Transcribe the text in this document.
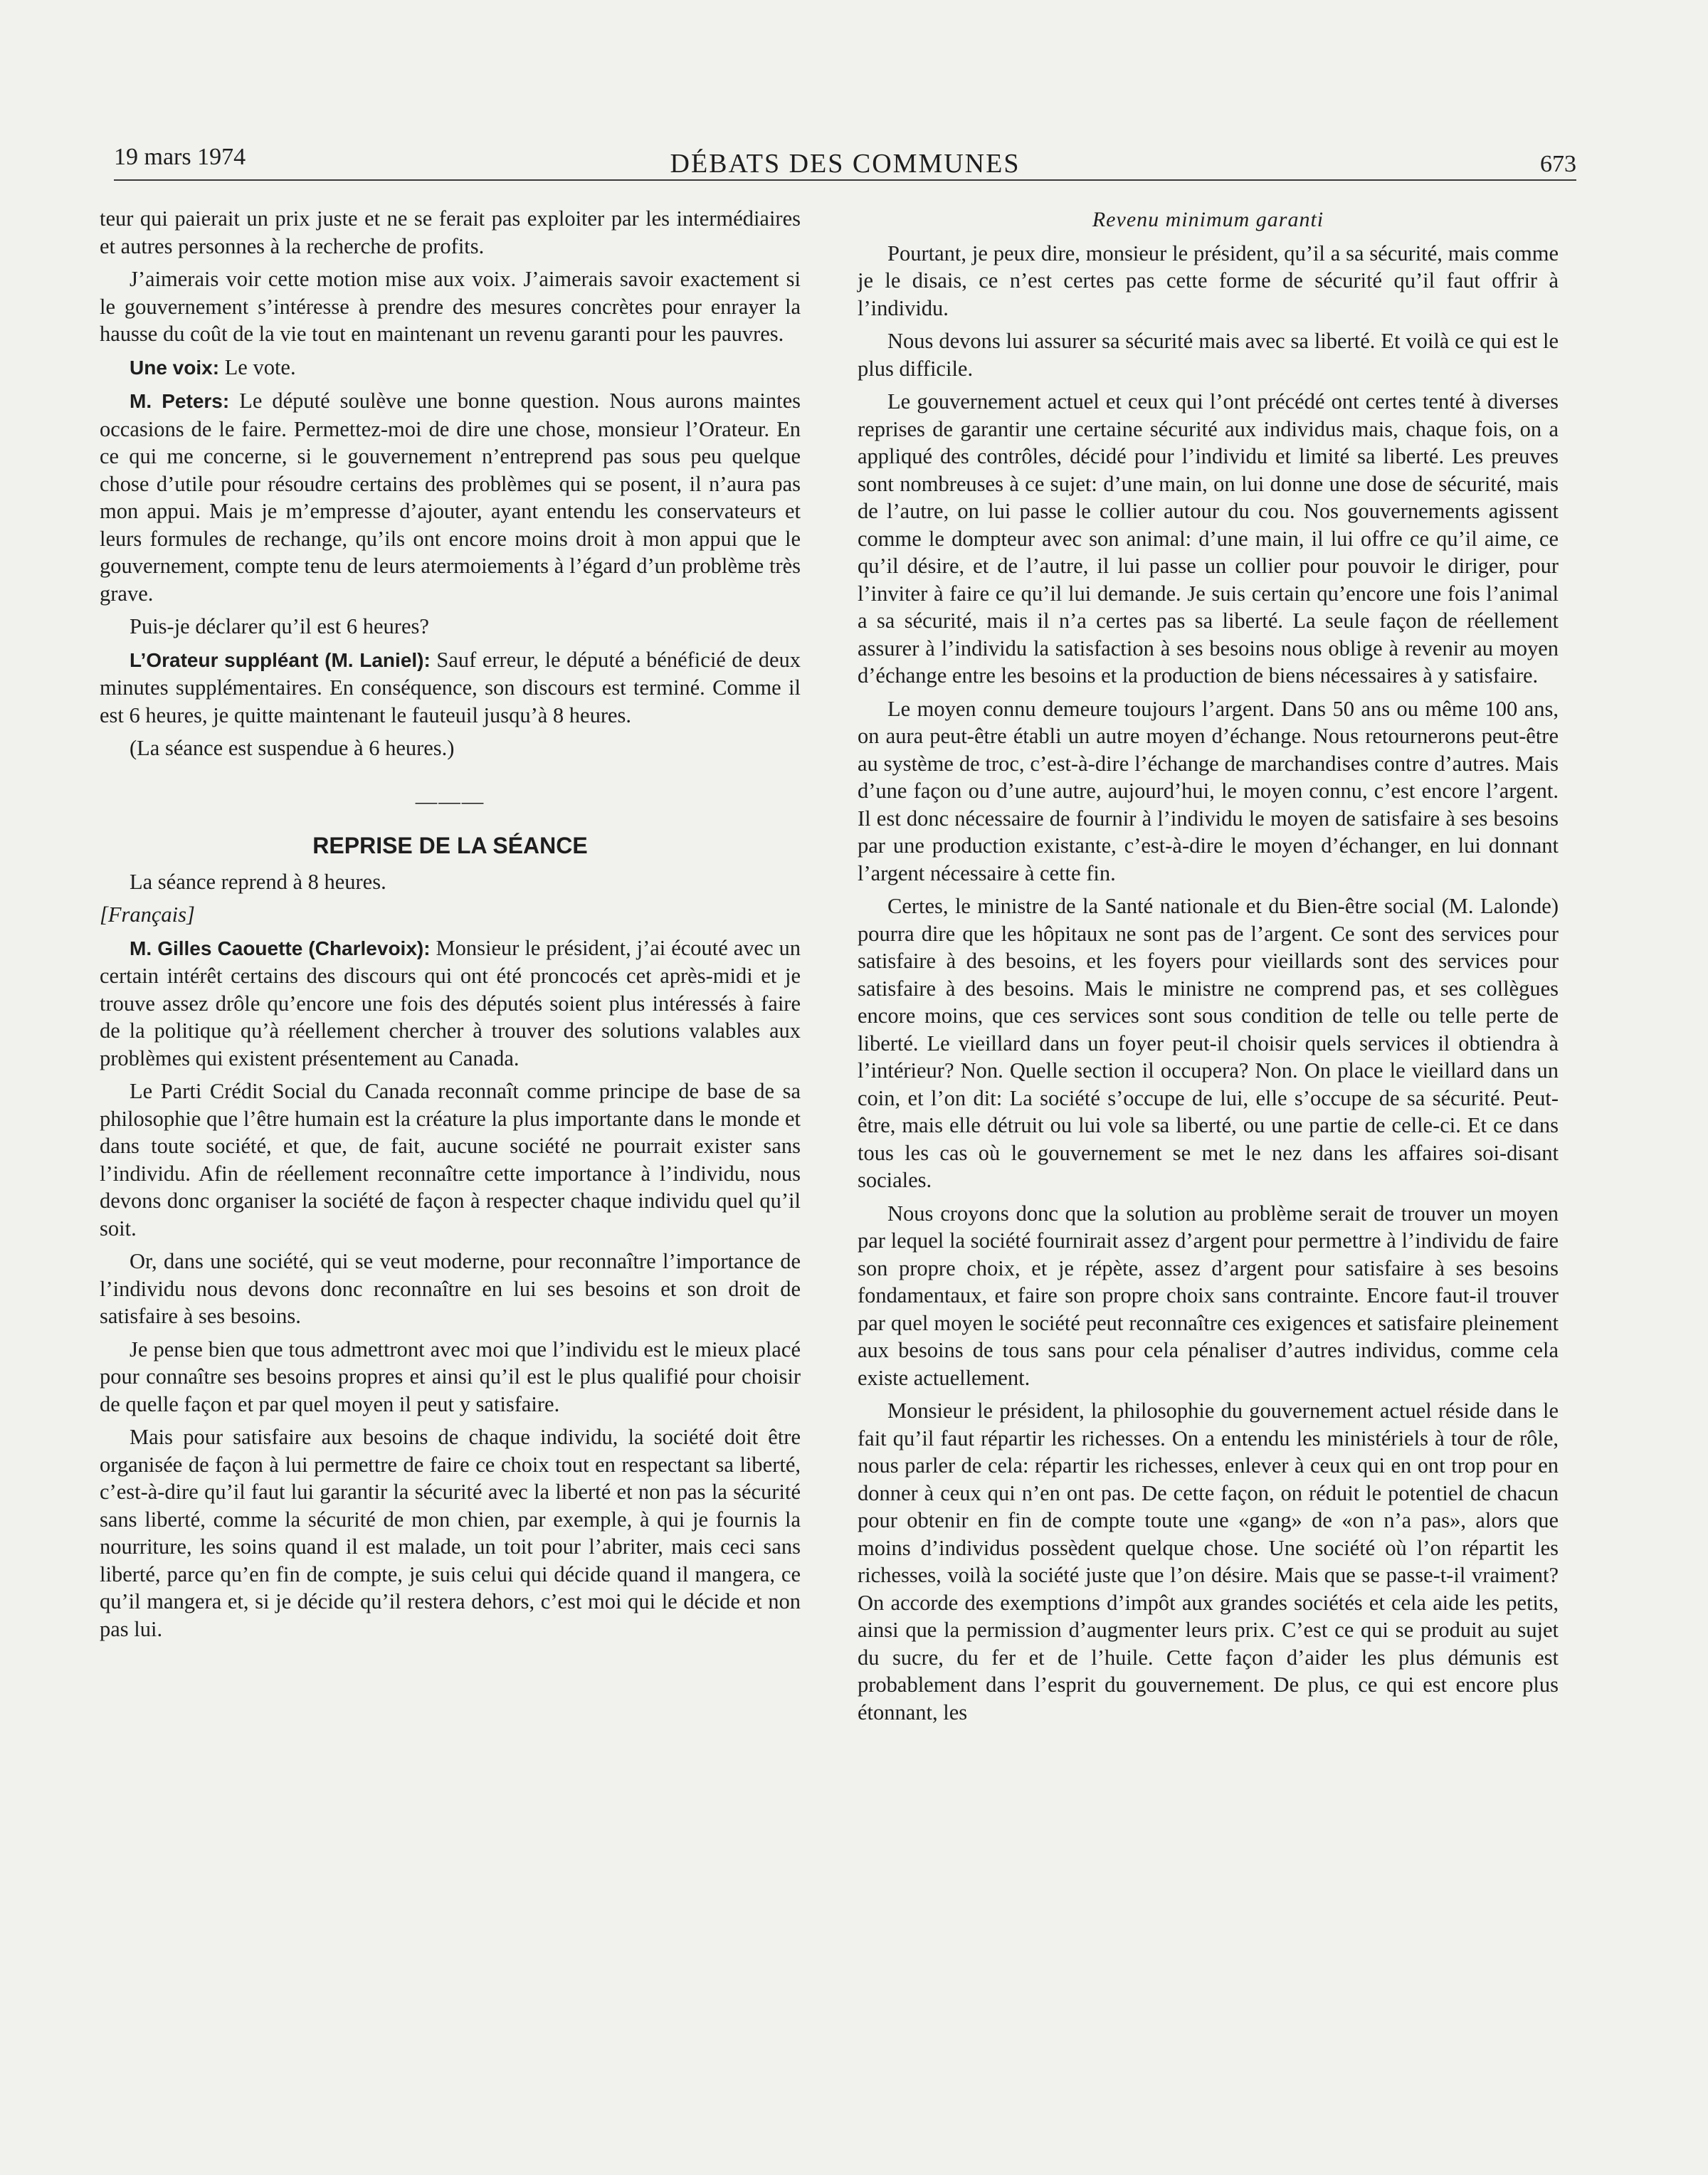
19 mars 1974	DÉBATS DES COMMUNES	673

teur qui paierait un prix juste et ne se ferait pas exploiter par les intermédiaires et autres personnes à la recherche de profits.

J’aimerais voir cette motion mise aux voix. J’aimerais savoir exactement si le gouvernement s’intéresse à prendre des mesures concrètes pour enrayer la hausse du coût de la vie tout en maintenant un revenu garanti pour les pauvres.

Une voix: Le vote.

M. Peters: Le député soulève une bonne question. Nous aurons maintes occasions de le faire. Permettez-moi de dire une chose, monsieur l’Orateur. En ce qui me concerne, si le gouvernement n’entreprend pas sous peu quelque chose d’utile pour résoudre certains des problèmes qui se posent, il n’aura pas mon appui. Mais je m’empresse d’ajouter, ayant entendu les conservateurs et leurs formules de rechange, qu’ils ont encore moins droit à mon appui que le gouvernement, compte tenu de leurs atermoiements à l’égard d’un problème très grave.

Puis-je déclarer qu’il est 6 heures?

L’Orateur suppléant (M. Laniel): Sauf erreur, le député a bénéficié de deux minutes supplémentaires. En conséquence, son discours est terminé. Comme il est 6 heures, je quitte maintenant le fauteuil jusqu’à 8 heures.

(La séance est suspendue à 6 heures.)

———
REPRISE DE LA SÉANCE

La séance reprend à 8 heures.

[Français]

M. Gilles Caouette (Charlevoix): Monsieur le président, j’ai écouté avec un certain intérêt certains des discours qui ont été proncocés cet après-midi et je trouve assez drôle qu’encore une fois des députés soient plus intéressés à faire de la politique qu’à réellement chercher à trouver des solutions valables aux problèmes qui existent présentement au Canada.

Le Parti Crédit Social du Canada reconnaît comme principe de base de sa philosophie que l’être humain est la créature la plus importante dans le monde et dans toute société, et que, de fait, aucune société ne pourrait exister sans l’individu. Afin de réellement reconnaître cette importance à l’individu, nous devons donc organiser la société de façon à respecter chaque individu quel qu’il soit.

Or, dans une société, qui se veut moderne, pour reconnaître l’importance de l’individu nous devons donc reconnaître en lui ses besoins et son droit de satisfaire à ses besoins.

Je pense bien que tous admettront avec moi que l’individu est le mieux placé pour connaître ses besoins propres et ainsi qu’il est le plus qualifié pour choisir de quelle façon et par quel moyen il peut y satisfaire.

Mais pour satisfaire aux besoins de chaque individu, la société doit être organisée de façon à lui permettre de faire ce choix tout en respectant sa liberté, c’est-à-dire qu’il faut lui garantir la sécurité avec la liberté et non pas la sécurité sans liberté, comme la sécurité de mon chien, par exemple, à qui je fournis la nourriture, les soins quand il est malade, un toit pour l’abriter, mais ceci sans liberté, parce qu’en fin de compte, je suis celui qui décide quand il mangera, ce qu’il mangera et, si je décide qu’il restera dehors, c’est moi qui le décide et non pas lui.

Revenu minimum garanti

Pourtant, je peux dire, monsieur le président, qu’il a sa sécurité, mais comme je le disais, ce n’est certes pas cette forme de sécurité qu’il faut offrir à l’individu.

Nous devons lui assurer sa sécurité mais avec sa liberté. Et voilà ce qui est le plus difficile.

Le gouvernement actuel et ceux qui l’ont précédé ont certes tenté à diverses reprises de garantir une certaine sécurité aux individus mais, chaque fois, on a appliqué des contrôles, décidé pour l’individu et limité sa liberté. Les preuves sont nombreuses à ce sujet: d’une main, on lui donne une dose de sécurité, mais de l’autre, on lui passe le collier autour du cou. Nos gouvernements agissent comme le dompteur avec son animal: d’une main, il lui offre ce qu’il aime, ce qu’il désire, et de l’autre, il lui passe un collier pour pouvoir le diriger, pour l’inviter à faire ce qu’il lui demande. Je suis certain qu’encore une fois l’animal a sa sécurité, mais il n’a certes pas sa liberté. La seule façon de réellement assurer à l’individu la satisfaction à ses besoins nous oblige à revenir au moyen d’échange entre les besoins et la production de biens nécessaires à y satisfaire.

Le moyen connu demeure toujours l’argent. Dans 50 ans ou même 100 ans, on aura peut-être établi un autre moyen d’échange. Nous retournerons peut-être au système de troc, c’est-à-dire l’échange de marchandises contre d’autres. Mais d’une façon ou d’une autre, aujourd’hui, le moyen connu, c’est encore l’argent. Il est donc nécessaire de fournir à l’individu le moyen de satisfaire à ses besoins par une production existante, c’est-à-dire le moyen d’échanger, en lui donnant l’argent nécessaire à cette fin.

Certes, le ministre de la Santé nationale et du Bien-être social (M. Lalonde) pourra dire que les hôpitaux ne sont pas de l’argent. Ce sont des services pour satisfaire à des besoins, et les foyers pour vieillards sont des services pour satisfaire à des besoins. Mais le ministre ne comprend pas, et ses collègues encore moins, que ces services sont sous condition de telle ou telle perte de liberté. Le vieillard dans un foyer peut-il choisir quels services il obtiendra à l’intérieur? Non. Quelle section il occupera? Non. On place le vieillard dans un coin, et l’on dit: La société s’occupe de lui, elle s’occupe de sa sécurité. Peut-être, mais elle détruit ou lui vole sa liberté, ou une partie de celle-ci. Et ce dans tous les cas où le gouvernement se met le nez dans les affaires soi-disant sociales.

Nous croyons donc que la solution au problème serait de trouver un moyen par lequel la société fournirait assez d’argent pour permettre à l’individu de faire son propre choix, et je répète, assez d’argent pour satisfaire à ses besoins fondamentaux, et faire son propre choix sans contrainte. Encore faut-il trouver par quel moyen le société peut reconnaître ces exigences et satisfaire pleinement aux besoins de tous sans pour cela pénaliser d’autres individus, comme cela existe actuellement.

Monsieur le président, la philosophie du gouvernement actuel réside dans le fait qu’il faut répartir les richesses. On a entendu les ministériels à tour de rôle, nous parler de cela: répartir les richesses, enlever à ceux qui en ont trop pour en donner à ceux qui n’en ont pas. De cette façon, on réduit le potentiel de chacun pour obtenir en fin de compte toute une «gang» de «on n’a pas», alors que moins d’individus possèdent quelque chose. Une société où l’on répartit les richesses, voilà la société juste que l’on désire. Mais que se passe-t-il vraiment? On accorde des exemptions d’impôt aux grandes sociétés et cela aide les petits, ainsi que la permission d’augmenter leurs prix. C’est ce qui se produit au sujet du sucre, du fer et de l’huile. Cette façon d’aider les plus démunis est probablement dans l’esprit du gouvernement. De plus, ce qui est encore plus étonnant, les
